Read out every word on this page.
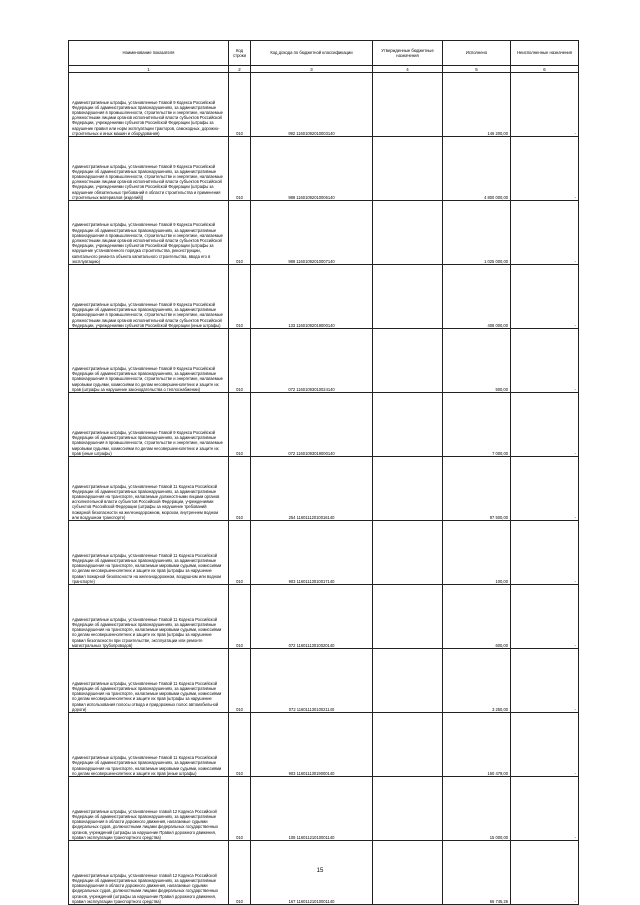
Наименование показателя	Код строки	Код дохода по бюджетной классификации	Утвержденные бюджетные назначения	Исполнено	Неисполненные назначения
1	2	3	4	5	6
Административные штрафы, установленные Главой 9 Кодекса Российской Федерации об административных правонарушениях, за административные правонарушения в промышленности, строительстве и энергетике, налагаемые должностными лицами органов исполнительной власти субъектов Российской Федерации, учреждениями субъектов Российской Федерации (штрафы за нарушение правил или норм эксплуатации тракторов, самоходных, дорожно-строительных и иных машин и оборудования)	010	992 11601092010003140		146 200,00	-
Административные штрафы, установленные Главой 9 Кодекса Российской Федерации об административных правонарушениях, за административные правонарушения в промышленности, строительстве и энергетике, налагаемые должностными лицами органов исполнительной власти субъектов Российской Федерации, учреждениями субъектов Российской Федерации (штрафы за нарушение обязательных требований в области строительства и применения строительных материалов (изделий))	010	989 11601092010006140		4 800 000,00	-
Административные штрафы, установленные Главой 9 Кодекса Российской Федерации об административных правонарушениях, за административные правонарушения в промышленности, строительстве и энергетике, налагаемые должностными лицами органов исполнительной власти субъектов Российской Федерации, учреждениями субъектов Российской Федерации (штрафы за нарушение установленного порядка строительства, реконструкции, капитального ремонта объекта капитального строительства, ввода его в эксплуатацию)	010	989 11601092010007140		1 025 000,00	-
Административные штрафы, установленные Главой 9 Кодекса Российской Федерации об административных правонарушениях, за административные правонарушения в промышленности, строительстве и энергетике, налагаемые должностными лицами органов исполнительной власти субъектов Российской Федерации, учреждениями субъектов Российской Федерации (иные штрафы)	010	133 11601092019000140		408 000,00	-
Административные штрафы, установленные Главой 9 Кодекса Российской Федерации об административных правонарушениях, за административные правонарушения в промышленности, строительстве и энергетике, налагаемые мировыми судьями, комиссиями по делам несовершеннолетних и защите их прав (штрафы за нарушение законодательства о теплоснабжении)	010	072 11601093010024140		500,00	-
Административные штрафы, установленные Главой 9 Кодекса Российской Федерации об административных правонарушениях, за административные правонарушения в промышленности, строительстве и энергетике, налагаемые мировыми судьями, комиссиями по делам несовершеннолетних и защите их прав (иные штрафы)	010	072 11601093019000140		7 000,00	-
Административные штрафы, установленные Главой 11 Кодекса Российской Федерации об административных правонарушениях, за административные правонарушения на транспорте, налагаемые должностными лицами органов исполнительной власти субъектов Российской Федерации, учреждениями субъектов Российской Федерации (штрафы за нарушение требований пожарной безопасности на железнодорожном, морском, внутреннем водном или воздушном транспорте)	010	254 11601112010016140		97 500,00	-
Административные штрафы, установленные Главой 11 Кодекса Российской Федерации об административных правонарушениях, за административные правонарушения на транспорте, налагаемые мировыми судьями, комиссиями по делам несовершеннолетних и защите их прав (штрафы за нарушение правил пожарной безопасности на железнодорожном, воздушном или водном транспорте)	010	903 11601113010017140		100,00	-
Административные штрафы, установленные Главой 11 Кодекса Российской Федерации об административных правонарушениях, за административные правонарушения на транспорте, налагаемые мировыми судьями, комиссиями по делам несовершеннолетних и защите их прав (штрафы за нарушение правил безопасности при строительстве, эксплуатации или ремонте магистральных трубопроводов)	010	072 11601113010020140		600,00	-
Административные штрафы, установленные Главой 11 Кодекса Российской Федерации об административных правонарушениях, за административные правонарушения на транспорте, налагаемые мировыми судьями, комиссиями по делам несовершеннолетних и защите их прав (штрафы за нарушение правил использования полосы отвода и придорожных полос автомобильной дороги)	010	072 11601113010021140		3 250,00	-
Административные штрафы, установленные Главой 11 Кодекса Российской Федерации об административных правонарушениях, за административные правонарушения на транспорте, налагаемые мировыми судьями, комиссиями по делам несовершеннолетних и защите их прав (иные штрафы)	010	903 11601113019000140		160 479,00	-
Административные штрафы, установленные главой 12 Кодекса Российской Федерации об административных правонарушениях, за административные правонарушения в области дорожного движения, налагаемые судьями федеральных судов, должностными лицами федеральных государственных органов, учреждений (штрафы за нарушение Правил дорожного движения, правил эксплуатации транспортного средства)	010	108 11601121010001140		15 000,00	-
Административные штрафы, установленные главой 12 Кодекса Российской Федерации об административных правонарушениях, за административные правонарушения в области дорожного движения, налагаемые судьями федеральных судов, должностными лицами федеральных государственных органов, учреждений (штрафы за нарушение Правил дорожного движения, правил эксплуатации транспортного средства)	010	167 11601121010001140		66 745,26	-
15
